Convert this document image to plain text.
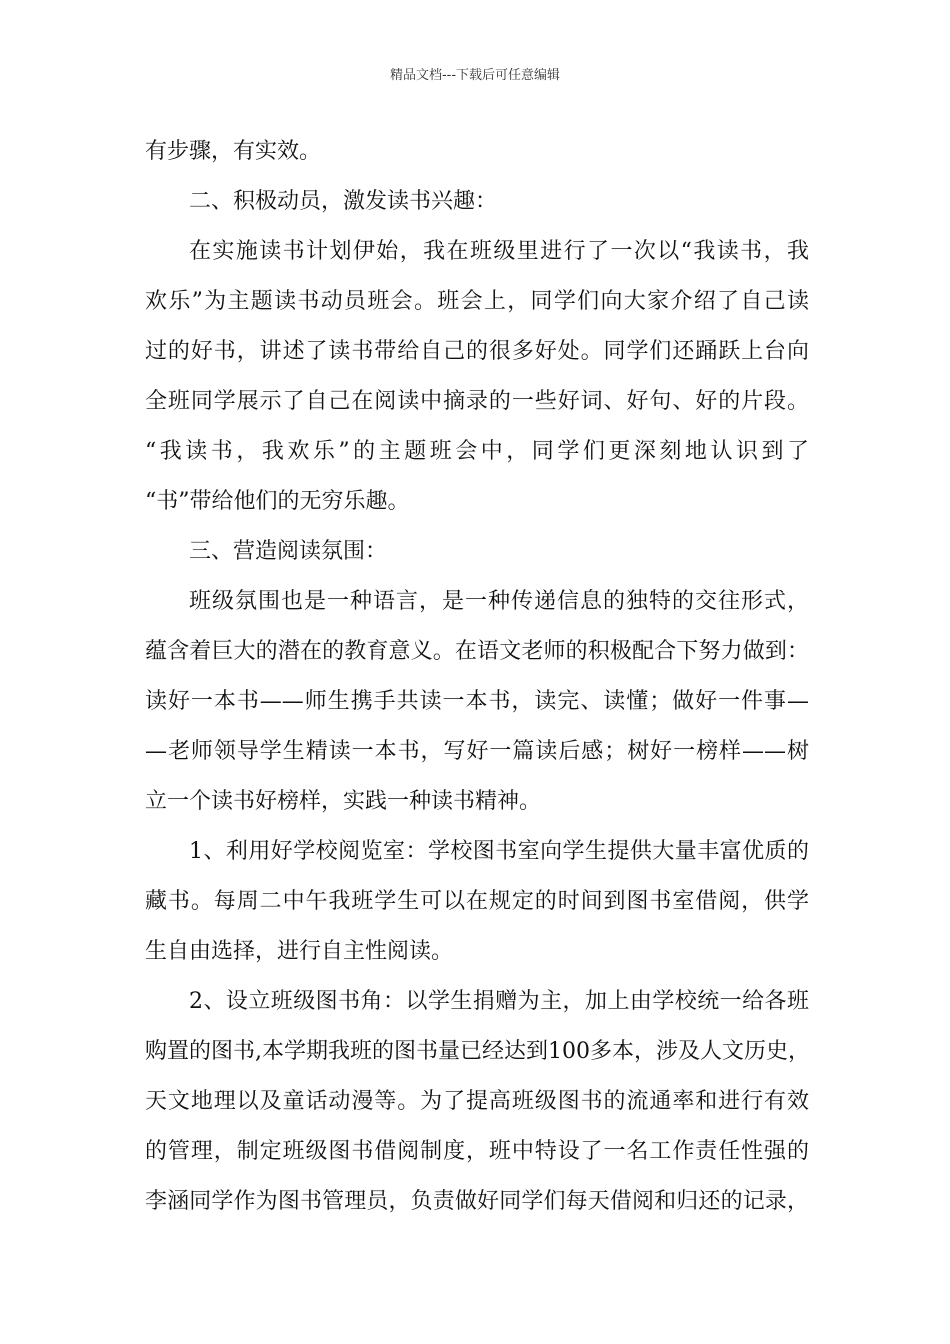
精品文档---下载后可任意编辑
有步骤，有实效。
二、积极动员，激发读书兴趣：
在实施读书计划伊始，我在班级里进行了一次以“我读书，我
欢乐”为主题读书动员班会。班会上，同学们向大家介绍了自己读
过的好书，讲述了读书带给自己的很多好处。同学们还踊跃上台向
全班同学展示了自己在阅读中摘录的一些好词、好句、好的片段。
“我读书，我欢乐”的主题班会中，同学们更深刻地认识到了
“书”带给他们的无穷乐趣。
三、营造阅读氛围：
班级氛围也是一种语言，是一种传递信息的独特的交往形式，
蕴含着巨大的潜在的教育意义。在语文老师的积极配合下努力做到：
读好一本书——师生携手共读一本书，读完、读懂；做好一件事—
—老师领导学生精读一本书，写好一篇读后感；树好一榜样——树
立一个读书好榜样，实践一种读书精神。
1、利用好学校阅览室：学校图书室向学生提供大量丰富优质的
藏书。每周二中午我班学生可以在规定的时间到图书室借阅，供学
生自由选择，进行自主性阅读。
2、设立班级图书角：以学生捐赠为主，加上由学校统一给各班
购置的图书,本学期我班的图书量已经达到100多本，涉及人文历史，
天文地理以及童话动漫等。为了提高班级图书的流通率和进行有效
的管理，制定班级图书借阅制度，班中特设了一名工作责任性强的
李涵同学作为图书管理员，负责做好同学们每天借阅和归还的记录，
